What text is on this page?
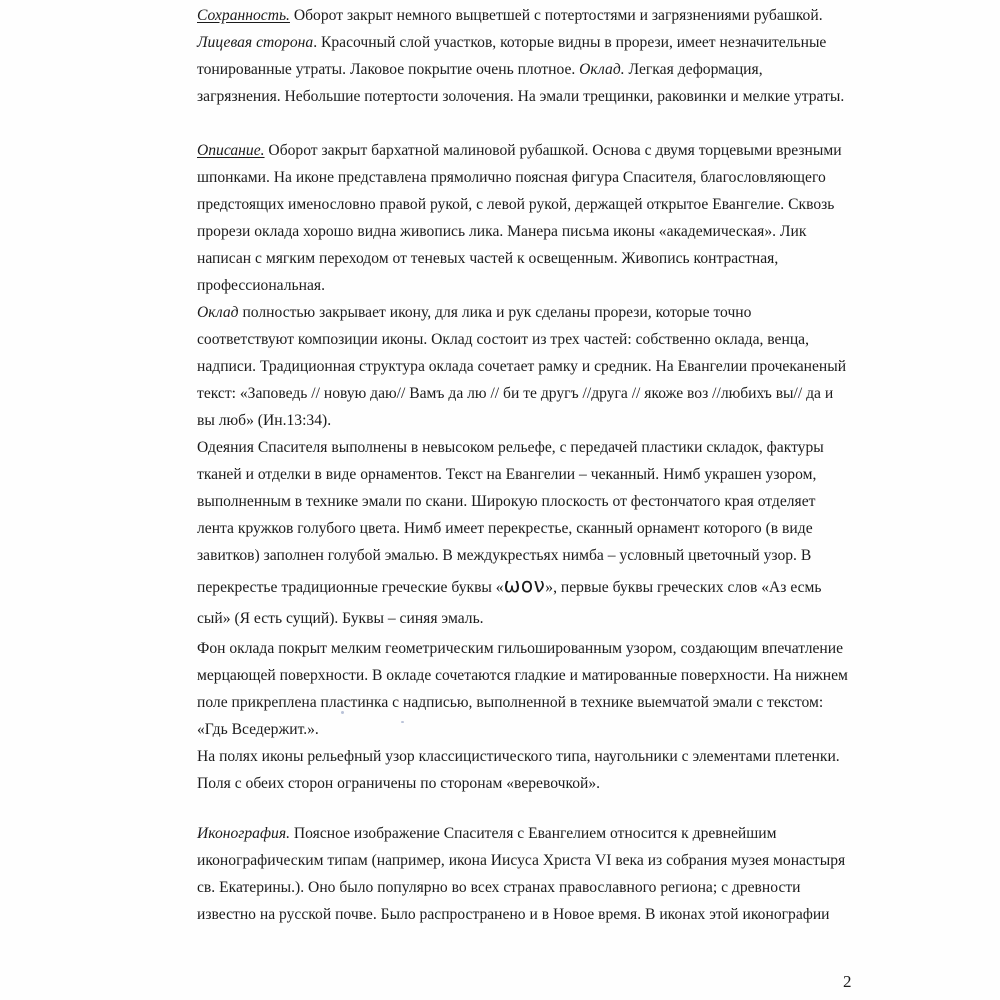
Сохранность. Оборот закрыт немного выцветшей с потертостями и загрязнениями рубашкой.
Лицевая сторона. Красочный слой участков, которые видны в прорези, имеет незначительные
тонированные утраты. Лаковое покрытие очень плотное. Оклад. Легкая деформация,
загрязнения. Небольшие потертости золочения. На эмали трещинки, раковинки и мелкие утраты.
Описание. Оборот закрыт бархатной малиновой рубашкой. Основа с двумя торцевыми врезными
шпонками. На иконе представлена прямолично поясная фигура Спасителя, благословляющего
предстоящих именословно правой рукой, с левой рукой, держащей открытое Евангелие. Сквозь
прорези оклада хорошо видна живопись лика. Манера письма иконы «академическая». Лик
написан с мягким переходом от теневых частей к освещенным. Живопись контрастная,
профессиональная.
Оклад полностью закрывает икону, для лика и рук сделаны прорези, которые точно
соответствуют композиции иконы. Оклад состоит из трех частей: собственно оклада, венца,
надписи. Традиционная структура оклада сочетает рамку и средник. На Евангелии прочеканеный
текст: «Заповедь // новую даю// Вамъ да лю // би те другъ //друга // якоже воз //любихъ вы// да и
вы люб» (Ин.13:34).
Одеяния Спасителя выполнены в невысоком рельефе, с передачей пластики складок, фактуры
тканей и отделки в виде орнаментов. Текст на Евангелии – чеканный. Нимб украшен узором,
выполненным в технике эмали по скани. Широкую плоскость от фестончатого края отделяет
лента кружков голубого цвета. Нимб имеет перекрестье, сканный орнамент которого (в виде
завитков) заполнен голубой эмалью. В междукрестьях нимба – условный цветочный узор. В
перекрестье традиционные греческие буквы «ωον», первые буквы греческих слов «Аз есмь
сый» (Я есть сущий). Буквы – синяя эмаль.
Фон оклада покрыт мелким геометрическим гильошированным узором, создающим впечатление
мерцающей поверхности. В окладе сочетаются гладкие и матированные поверхности. На нижнем
поле прикреплена пластинка с надписью, выполненной в технике выемчатой эмали с текстом:
«Гдь Вседержит.».
На полях иконы рельефный узор классицистического типа, наугольники с элементами плетенки.
Поля с обеих сторон ограничены по сторонам «веревочкой».
Иконография. Поясное изображение Спасителя с Евангелием относится к древнейшим
иконографическим типам (например, икона Иисуса Христа VI века из собрания музея монастыря
св. Екатерины.). Оно было популярно во всех странах православного региона; с древности
известно на русской почве. Было распространено и в Новое время. В иконах этой иконографии
2
